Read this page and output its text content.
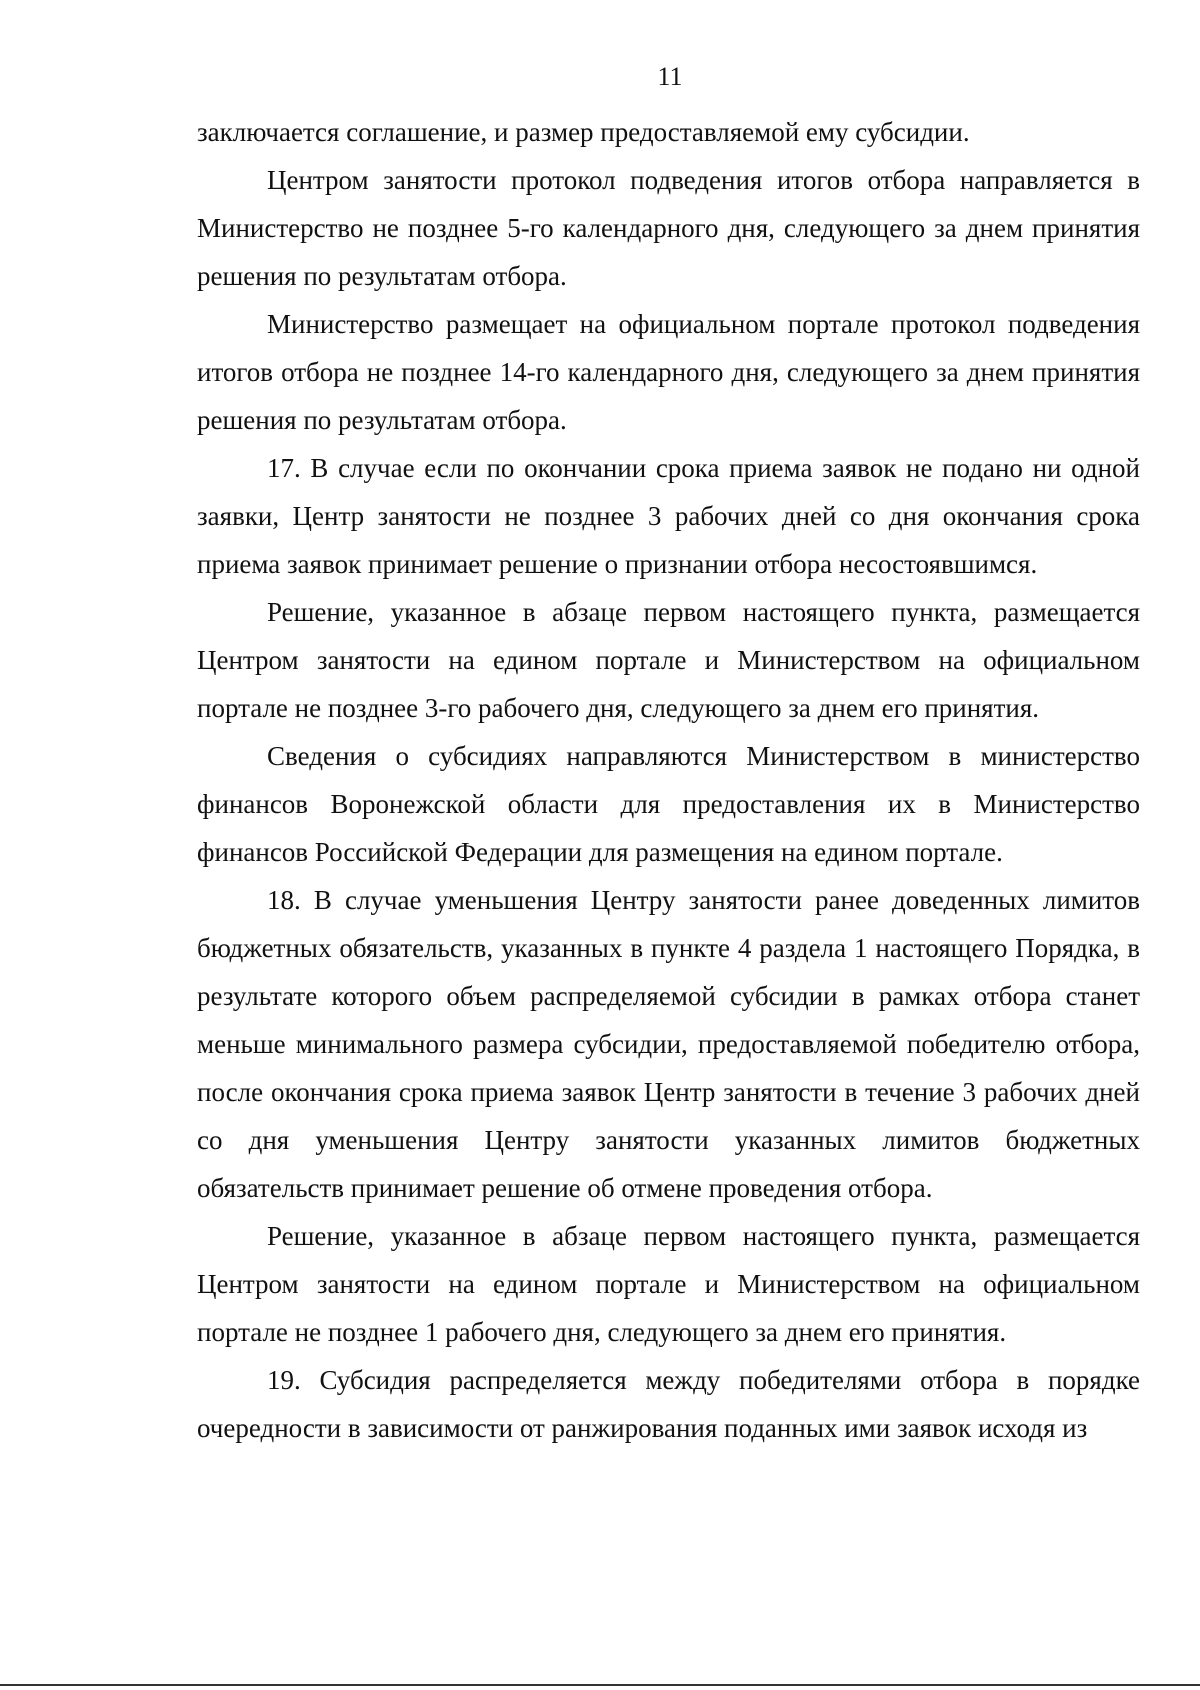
11

заключается соглашение, и размер предоставляемой ему субсидии.

Центром занятости протокол подведения итогов отбора направляется в Министерство не позднее 5-го календарного дня, следующего за днем принятия решения по результатам отбора.

Министерство размещает на официальном портале протокол подведения итогов отбора не позднее 14-го календарного дня, следующего за днем принятия решения по результатам отбора.

17. В случае если по окончании срока приема заявок не подано ни одной заявки, Центр занятости не позднее 3 рабочих дней со дня окончания срока приема заявок принимает решение о признании отбора несостоявшимся.

Решение, указанное в абзаце первом настоящего пункта, размещается Центром занятости на едином портале и Министерством на официальном портале не позднее 3-го рабочего дня, следующего за днем его принятия.

Сведения о субсидиях направляются Министерством в министерство финансов Воронежской области для предоставления их в Министерство финансов Российской Федерации для размещения на едином портале.

18. В случае уменьшения Центру занятости ранее доведенных лимитов бюджетных обязательств, указанных в пункте 4 раздела 1 настоящего Порядка, в результате которого объем распределяемой субсидии в рамках отбора станет меньше минимального размера субсидии, предоставляемой победителю отбора, после окончания срока приема заявок Центр занятости в течение 3 рабочих дней со дня уменьшения Центру занятости указанных лимитов бюджетных обязательств принимает решение об отмене проведения отбора.

Решение, указанное в абзаце первом настоящего пункта, размещается Центром занятости на едином портале и Министерством на официальном портале не позднее 1 рабочего дня, следующего за днем его принятия.

19. Субсидия распределяется между победителями отбора в порядке очередности в зависимости от ранжирования поданных ими заявок исходя из
